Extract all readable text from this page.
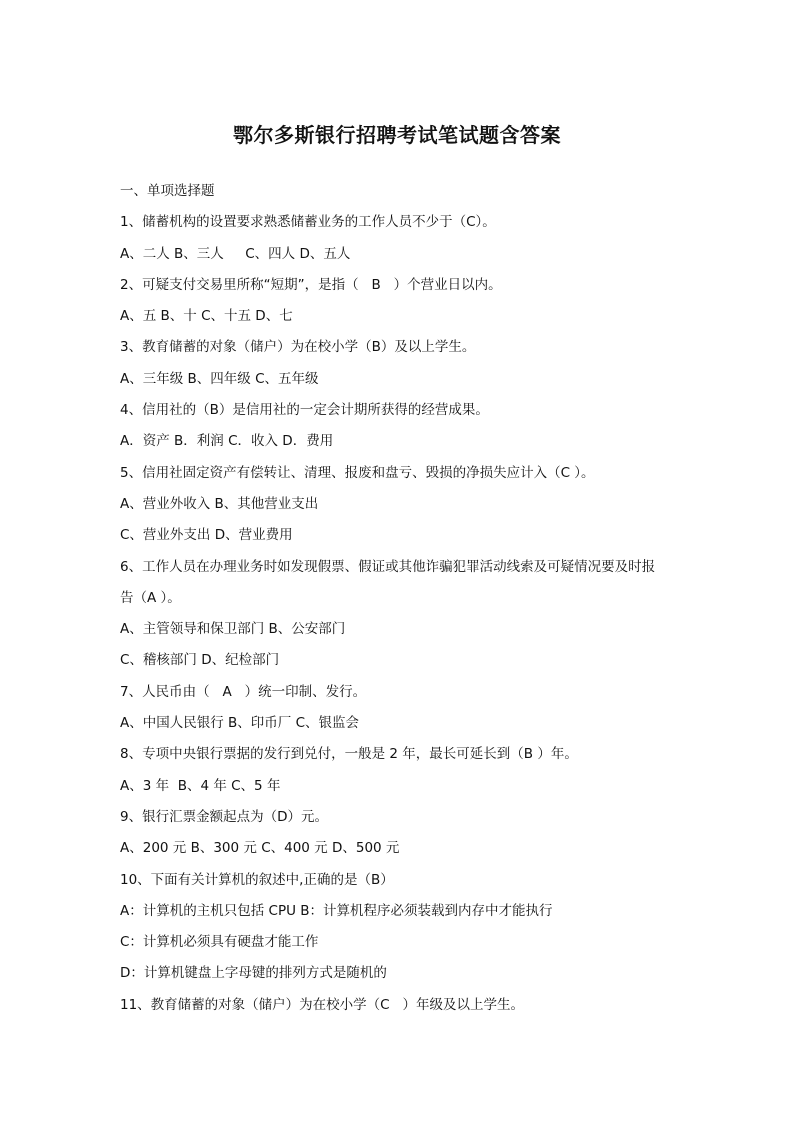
鄂尔多斯银行招聘考试笔试题含答案
一、单项选择题
1、储蓄机构的设置要求熟悉储蓄业务的工作人员不少于（C）。
A、二人 B、三人     C、四人 D、五人
2、可疑支付交易里所称“短期”，是指（   B   ）个营业日以内。
A、五 B、十 C、十五 D、七
3、教育储蓄的对象（储户）为在校小学（B）及以上学生。
A、三年级 B、四年级 C、五年级
4、信用社的（B）是信用社的一定会计期所获得的经营成果。
A．资产 B．利润 C．收入 D．费用
5、信用社固定资产有偿转让、清理、报废和盘亏、毁损的净损失应计入（C ）。
A、营业外收入 B、其他营业支出
C、营业外支出 D、营业费用
6、工作人员在办理业务时如发现假票、假证或其他诈骗犯罪活动线索及可疑情况要及时报
告（A ）。
A、主管领导和保卫部门 B、公安部门
C、稽核部门 D、纪检部门
7、人民币由（   A   ）统一印制、发行。
A、中国人民银行 B、印币厂 C、银监会
8、专项中央银行票据的发行到兑付，一般是 2 年，最长可延长到（B ）年。
A、3 年  B、4 年 C、5 年
9、银行汇票金额起点为（D）元。
A、200 元 B、300 元 C、400 元 D、500 元
10、下面有关计算机的叙述中,正确的是（B）
A：计算机的主机只包括 CPU B：计算机程序必须装载到内存中才能执行
C：计算机必须具有硬盘才能工作
D：计算机键盘上字母键的排列方式是随机的
11、教育储蓄的对象（储户）为在校小学（C   ）年级及以上学生。
